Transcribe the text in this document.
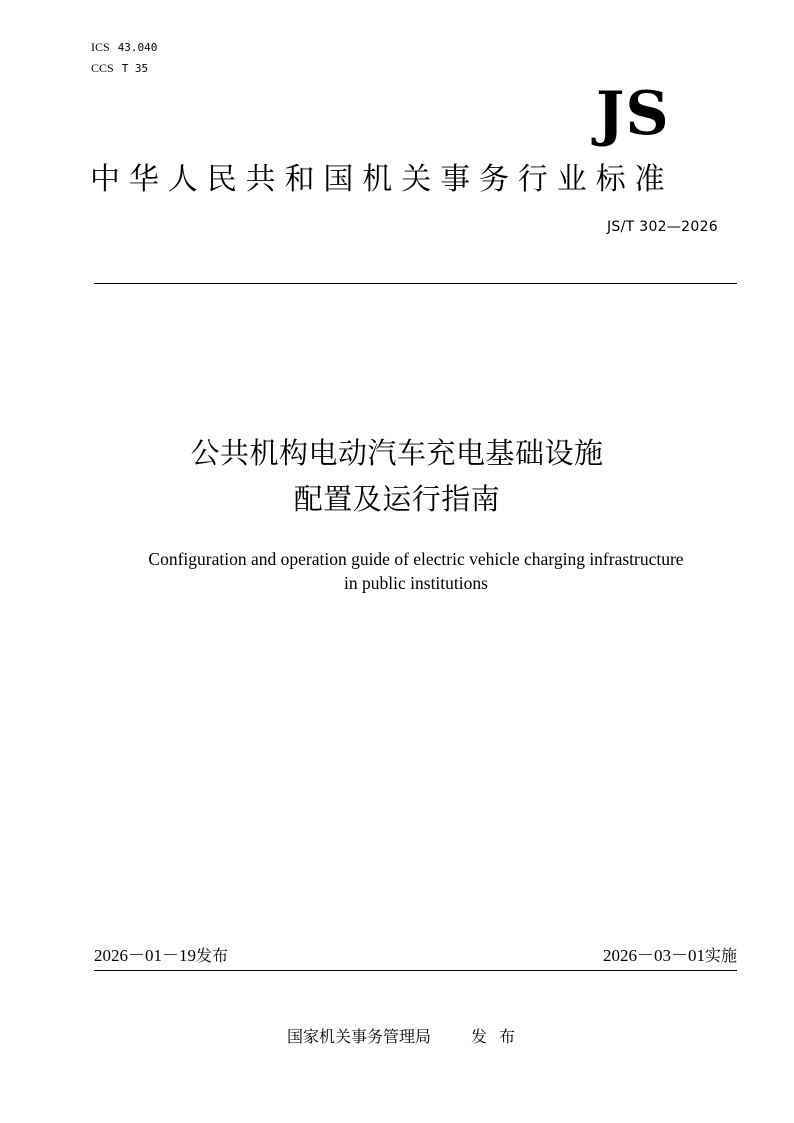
ICS 43.040
CCS T 35
JS
中华人民共和国机关事务行业标准
JS/T 302—2026
公共机构电动汽车充电基础设施
配置及运行指南
Configuration and operation guide of electric vehicle charging infrastructure
in public institutions
2026－01－19发布	2026－03－01实施
国家机关事务管理局	发布
